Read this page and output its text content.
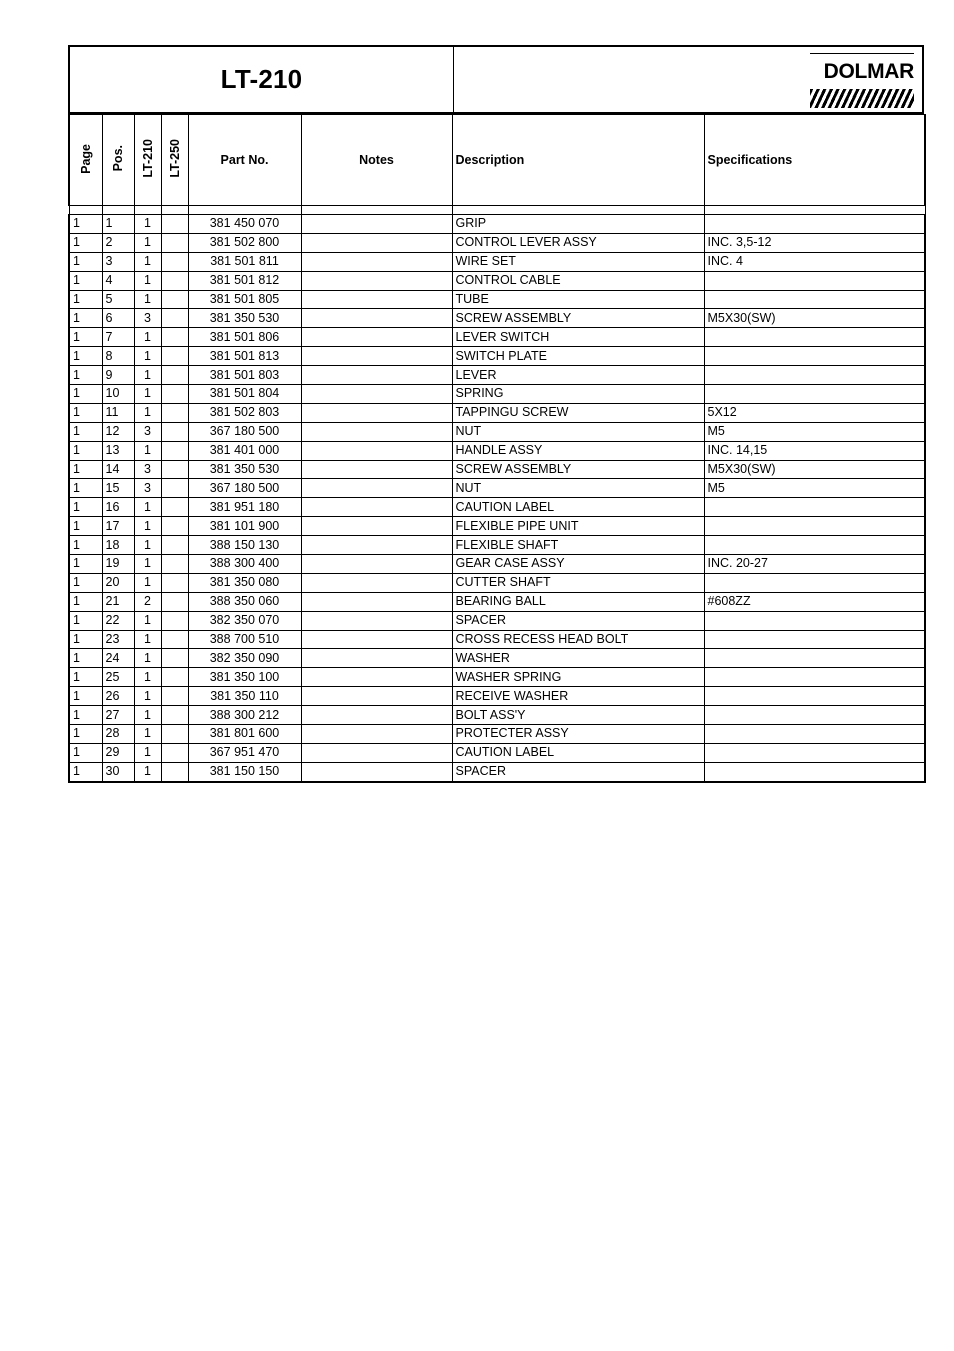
LT-210	DOLMAR
Page	Pos.	LT-210	LT-250	Part No.	Notes	Description	Specifications

1	1	1		381 450 070		GRIP	
1	2	1		381 502 800		CONTROL LEVER ASSY	INC. 3,5-12
1	3	1		381 501 811		WIRE SET	INC. 4
1	4	1		381 501 812		CONTROL CABLE	
1	5	1		381 501 805		TUBE	
1	6	3		381 350 530		SCREW ASSEMBLY	M5X30(SW)
1	7	1		381 501 806		LEVER SWITCH	
1	8	1		381 501 813		SWITCH PLATE	
1	9	1		381 501 803		LEVER	
1	10	1		381 501 804		SPRING	
1	11	1		381 502 803		TAPPINGU SCREW	5X12
1	12	3		367 180 500		NUT	M5
1	13	1		381 401 000		HANDLE ASSY	INC. 14,15
1	14	3		381 350 530		SCREW ASSEMBLY	M5X30(SW)
1	15	3		367 180 500		NUT	M5
1	16	1		381 951 180		CAUTION LABEL	
1	17	1		381 101 900		FLEXIBLE PIPE UNIT	
1	18	1		388 150 130		FLEXIBLE SHAFT	
1	19	1		388 300 400		GEAR CASE ASSY	INC. 20-27
1	20	1		381 350 080		CUTTER SHAFT	
1	21	2		388 350 060		BEARING BALL	#608ZZ
1	22	1		382 350 070		SPACER	
1	23	1		388 700 510		CROSS RECESS HEAD BOLT	
1	24	1		382 350 090		WASHER	
1	25	1		381 350 100		WASHER SPRING	
1	26	1		381 350 110		RECEIVE WASHER	
1	27	1		388 300 212		BOLT ASS'Y	
1	28	1		381 801 600		PROTECTER ASSY	
1	29	1		367 951 470		CAUTION LABEL	
1	30	1		381 150 150		SPACER	
